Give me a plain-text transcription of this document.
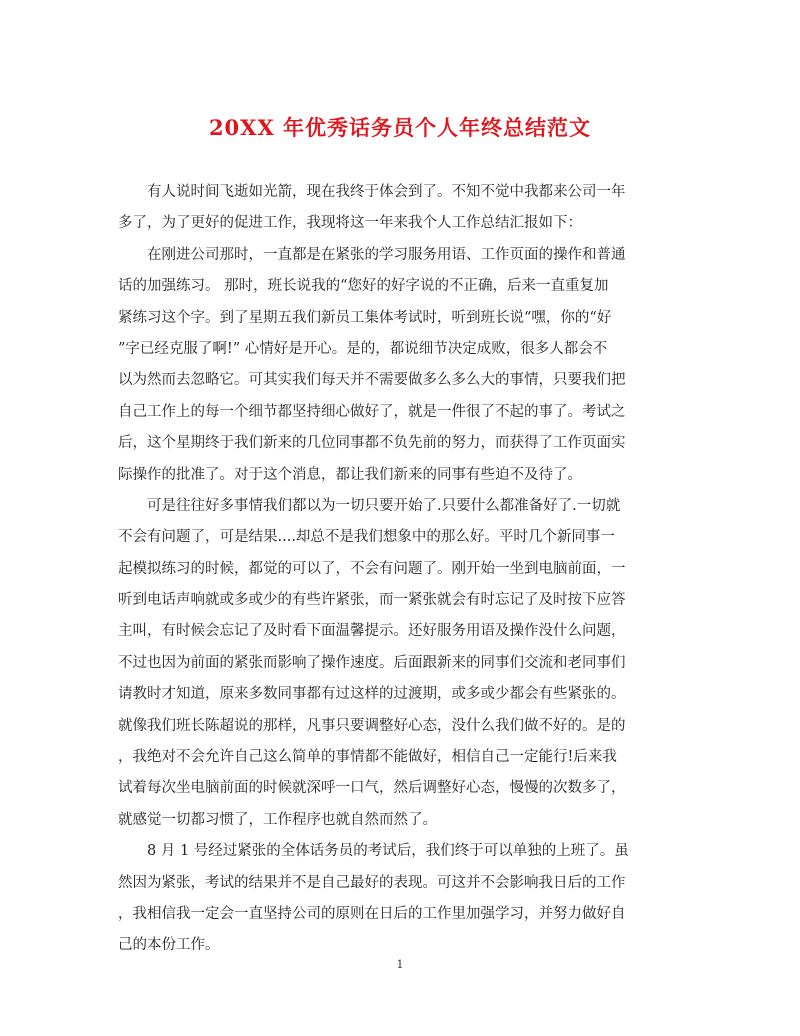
20XX 年优秀话务员个人年终总结范文
有人说时间飞逝如光箭，现在我终于体会到了。不知不觉中我都来公司一年
多了，为了更好的促进工作，我现将这一年来我个人工作总结汇报如下：
在刚进公司那时，一直都是在紧张的学习服务用语、工作页面的操作和普通
话的加强练习。 那时，班长说我的“您好的好字说的不正确，后来一直重复加
紧练习这个字。到了星期五我们新员工集体考试时，听到班长说“嘿，你的“好
”字已经克服了啊!” 心情好是开心。是的，都说细节决定成败，很多人都会不
以为然而去忽略它。可其实我们每天并不需要做多么多么大的事情，只要我们把
自己工作上的每一个细节都坚持细心做好了，就是一件很了不起的事了。考试之
后，这个星期终于我们新来的几位同事都不负先前的努力，而获得了工作页面实
际操作的批准了。对于这个消息，都让我们新来的同事有些迫不及待了。
可是往往好多事情我们都以为一切只要开始了.只要什么都准备好了.一切就
不会有问题了，可是结果....却总不是我们想象中的那么好。平时几个新同事一
起模拟练习的时候，都觉的可以了，不会有问题了。刚开始一坐到电脑前面，一
听到电话声响就或多或少的有些许紧张，而一紧张就会有时忘记了及时按下应答
主叫，有时候会忘记了及时看下面温馨提示。还好服务用语及操作没什么问题，
不过也因为前面的紧张而影响了操作速度。后面跟新来的同事们交流和老同事们
请教时才知道，原来多数同事都有过这样的过渡期，或多或少都会有些紧张的。
就像我们班长陈超说的那样，凡事只要调整好心态，没什么我们做不好的。是的
，我绝对不会允许自己这么简单的事情都不能做好，相信自己一定能行!后来我
试着每次坐电脑前面的时候就深呼一口气，然后调整好心态，慢慢的次数多了，
就感觉一切都习惯了，工作程序也就自然而然了。
8 月 1 号经过紧张的全体话务员的考试后，我们终于可以单独的上班了。虽
然因为紧张，考试的结果并不是自己最好的表现。可这并不会影响我日后的工作
，我相信我一定会一直坚持公司的原则在日后的工作里加强学习，并努力做好自
己的本份工作。
1
